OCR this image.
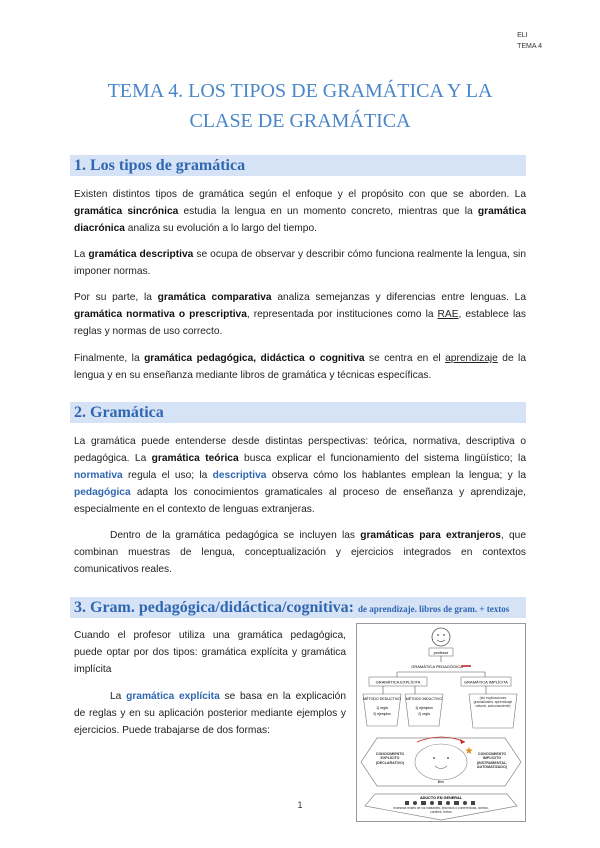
ELI
TEMA 4
TEMA 4. LOS TIPOS DE GRAMÁTICA Y LA
CLASE DE GRAMÁTICA
1. Los tipos de gramática
Existen distintos tipos de gramática según el enfoque y el propósito con que se aborden. La gramática sincrónica estudia la lengua en un momento concreto, mientras que la gramática diacrónica analiza su evolución a lo largo del tiempo.
La gramática descriptiva se ocupa de observar y describir cómo funciona realmente la lengua, sin imponer normas.
Por su parte, la gramática comparativa analiza semejanzas y diferencias entre lenguas. La gramática normativa o prescriptiva, representada por instituciones como la RAE, establece las reglas y normas de uso correcto.
Finalmente, la gramática pedagógica, didáctica o cognitiva se centra en el aprendizaje de la lengua y en su enseñanza mediante libros de gramática y técnicas específicas.
2. Gramática
La gramática puede entenderse desde distintas perspectivas: teórica, normativa, descriptiva o pedagógica. La gramática teórica busca explicar el funcionamiento del sistema lingüístico; la normativa regula el uso; la descriptiva observa cómo los hablantes emplean la lengua; y la pedagógica adapta los conocimientos gramaticales al proceso de enseñanza y aprendizaje, especialmente en el contexto de lenguas extranjeras.
Dentro de la gramática pedagógica se incluyen las gramáticas para extranjeros, que combinan muestras de lengua, conceptualización y ejercicios integrados en contextos comunicativos reales.
3. Gram. pedagógica/didáctica/cognitiva: de aprendizaje. libros de gram. + textos
Cuando el profesor utiliza una gramática pedagógica, puede optar por dos tipos: gramática explícita y gramática implícita
La gramática explícita se basa en la explicación de reglas y en su aplicación posterior mediante ejemplos y ejercicios. Puede trabajarse de dos formas:
profesor
GRAMÁTICA PEDAGÓGICA
GRAMÁTICA EXPLÍCITA	GRAMÁTICA IMPLÍCITA
MÉTODO DEDUCTIVO
1) regla
2) ejemplos
MÉTODO INDUCTIVO
1) ejemplos
2) regla
(sin explicaciones gramaticales: aprendizaje natural, subconsciente)
CONOCIMIENTO EXPLÍCITO (DECLARATIVO)
CONOCIMIENTO IMPLÍCITO (INSTRUMENTAL, AUTOMATIZADO)
libro
★
ADUCTO EN GENERAL
muestras reales de los hablantes, anuncios o conferencias, cómics, carteles, textos
1
